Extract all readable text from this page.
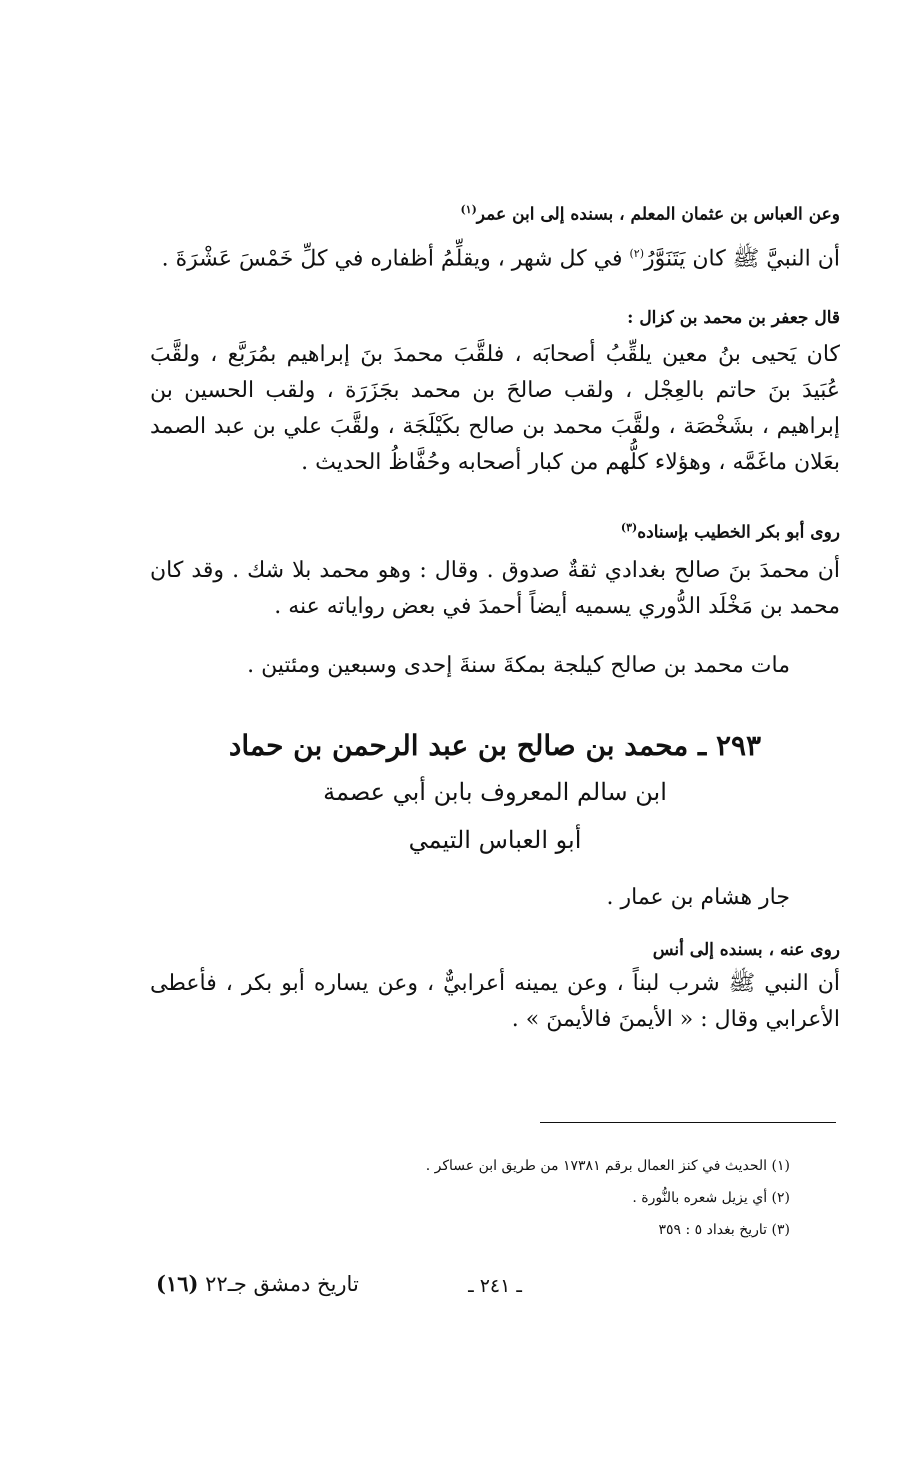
وعن العباس بن عثمان المعلم ، بسنده إلى ابن عمر$^{(١)}$
أن النبيَّ ﷺ كان يَتَنَوَّرُ$^{(٢)}$ في كل شهر ، ويقلِّمُ أظفاره في كلِّ خَمْسَ عَشْرَةَ .
قال جعفر بن محمد بن كزال :
كان يَحيى بنُ معين يلقِّبُ أصحابَه ، فلقَّبَ محمدَ بنَ إبراهيم بمُرَبَّع ، ولقَّبَ عُبَيدَ بنَ حاتم بالعِجْل ، ولقب صالحَ بن محمد بجَزَرَة ، ولقب الحسين بن إبراهيم ، بشَخْصَة ، ولقَّبَ محمد بن صالح بكَيْلَجَة ، ولقَّبَ علي بن عبد الصمد بعَلان ماغَمَّه ، وهؤلاء كلُّهم من كبار أصحابه وحُفَّاظُ الحديث .
روى أبو بكر الخطيب بإسناده$^{(٣)}$
أن محمدَ بنَ صالح بغدادي ثقةٌ صدوق . وقال : وهو محمد بلا شك . وقد كان محمد بن مَخْلَد الدُّوري يسميه أيضاً أحمدَ في بعض رواياته عنه .
مات محمد بن صالح كيلجة بمكةَ سنةَ إحدى وسبعين ومئتين .
٢٩٣ ـ محمد بن صالح بن عبد الرحمن بن حماد
ابن سالم المعروف بابن أبي عصمة
أبو العباس التيمي
جار هشام بن عمار .
روى عنه ، بسنده إلى أنس
أن النبي ﷺ شرب لبناً ، وعن يمينه أعرابيٌّ ، وعن يساره أبو بكر ، فأعطى الأعرابي وقال : « الأيمنَ فالأيمنَ » .
(١) الحديث في كنز العمال برقم ١٧٣٨١ من طريق ابن عساكر .
(٢) أي يزيل شعره بالنُّورة .
(٣) تاريخ بغداد ٥ : ٣٥٩
تاريخ دمشق جـ٢٢ (١٦)	ـ ٢٤١ ـ
